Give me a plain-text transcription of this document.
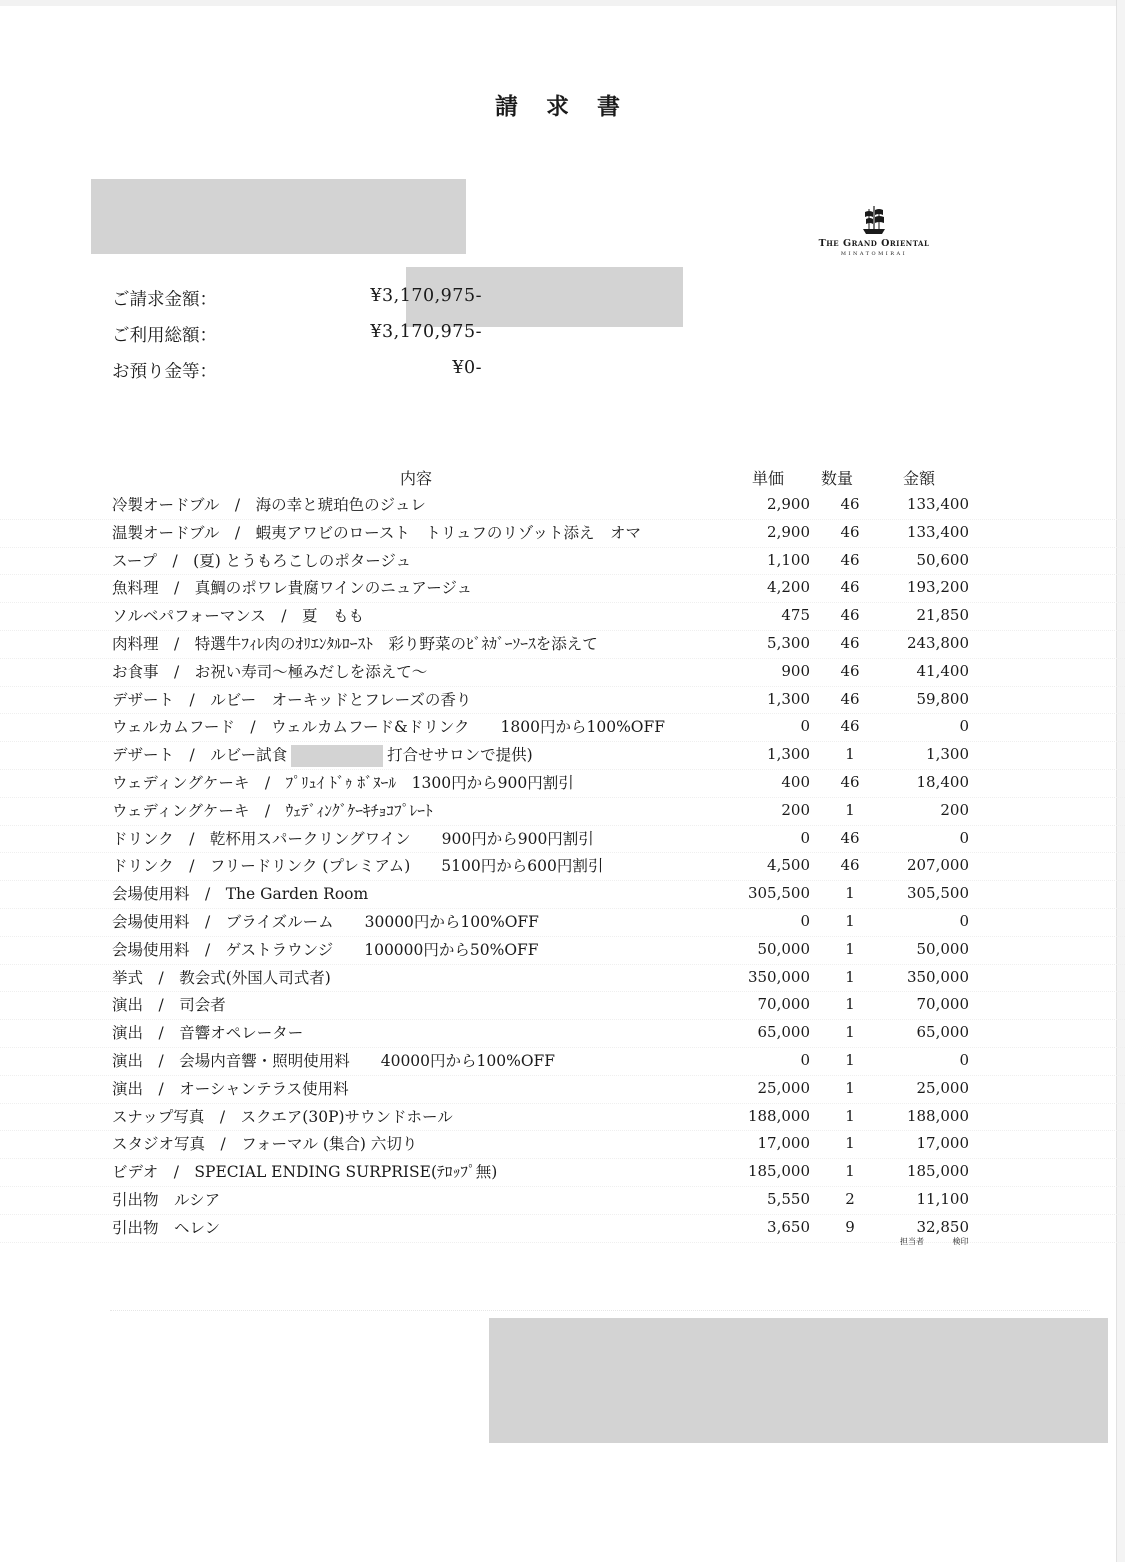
請 求 書
The Grand Oriental
MINATOMIRAI
ご請求金額：	¥3,170,975-
ご利用総額：	¥3,170,975-
お預り金等：	¥0-
内容	単価 数量	金額
冷製オードブル　/　海の幸と琥珀色のジュレ	2,900	46	133,400
温製オードブル　/　蝦夷アワビのロースト　トリュフのリゾット添え　オマ	2,900	46	133,400
スープ　/　(夏) とうもろこしのポタージュ	1,100	46	50,600
魚料理　/　真鯛のポワレ貴腐ワインのニュアージュ	4,200	46	193,200
ソルベパフォーマンス　/　夏　もも	475	46	21,850
肉料理　/　特選牛ﾌｨﾚ肉のｵﾘｴﾝﾀﾙﾛｰｽﾄ　彩り野菜のﾋﾞﾈｶﾞｰｿｰｽを添えて	5,300	46	243,800
お食事　/　お祝い寿司～極みだしを添えて～	900	46	41,400
デザート　/　ルビー　オーキッドとフレーズの香り	1,300	46	59,800
ウェルカムフード　/　ウェルカムフード&ドリンク　　1800円から100%OFF	0	46	0
デザート　/　ルビー試食	打合せサロンで提供)	1,300	1	1,300
ウェディングケーキ　/　ﾌﾟﾘｭｲ ﾄﾞｩ ﾎﾞﾇｰﾙ　1300円から900円割引	400	46	18,400
ウェディングケーキ　/　ｳｪﾃﾞｨﾝｸﾞｹｰｷﾁｮｺﾌﾟﾚｰﾄ	200	1	200
ドリンク　/　乾杯用スパークリングワイン　　900円から900円割引	0	46	0
ドリンク　/　フリードリンク (プレミアム)　　5100円から600円割引	4,500	46	207,000
会場使用料　/　The Garden Room	305,500	1	305,500
会場使用料　/　ブライズルーム　　30000円から100%OFF	0	1	0
会場使用料　/　ゲストラウンジ　　100000円から50%OFF	50,000	1	50,000
挙式　/　教会式(外国人司式者)	350,000	1	350,000
演出　/　司会者	70,000	1	70,000
演出　/　音響オペレーター	65,000	1	65,000
演出　/　会場内音響・照明使用料　　40000円から100%OFF	0	1	0
演出　/　オーシャンテラス使用料	25,000	1	25,000
スナップ写真　/　スクエア(30P)サウンドホール	188,000	1	188,000
スタジオ写真　/　フォーマル (集合) 六切り	17,000	1	17,000
ビデオ　/　SPECIAL ENDING SURPRISE(ﾃﾛｯﾌﾟ無)	185,000	1	185,000
引出物　ルシア	5,550	2	11,100
引出物　ヘレン	3,650	9	32,850
担当者	検印
